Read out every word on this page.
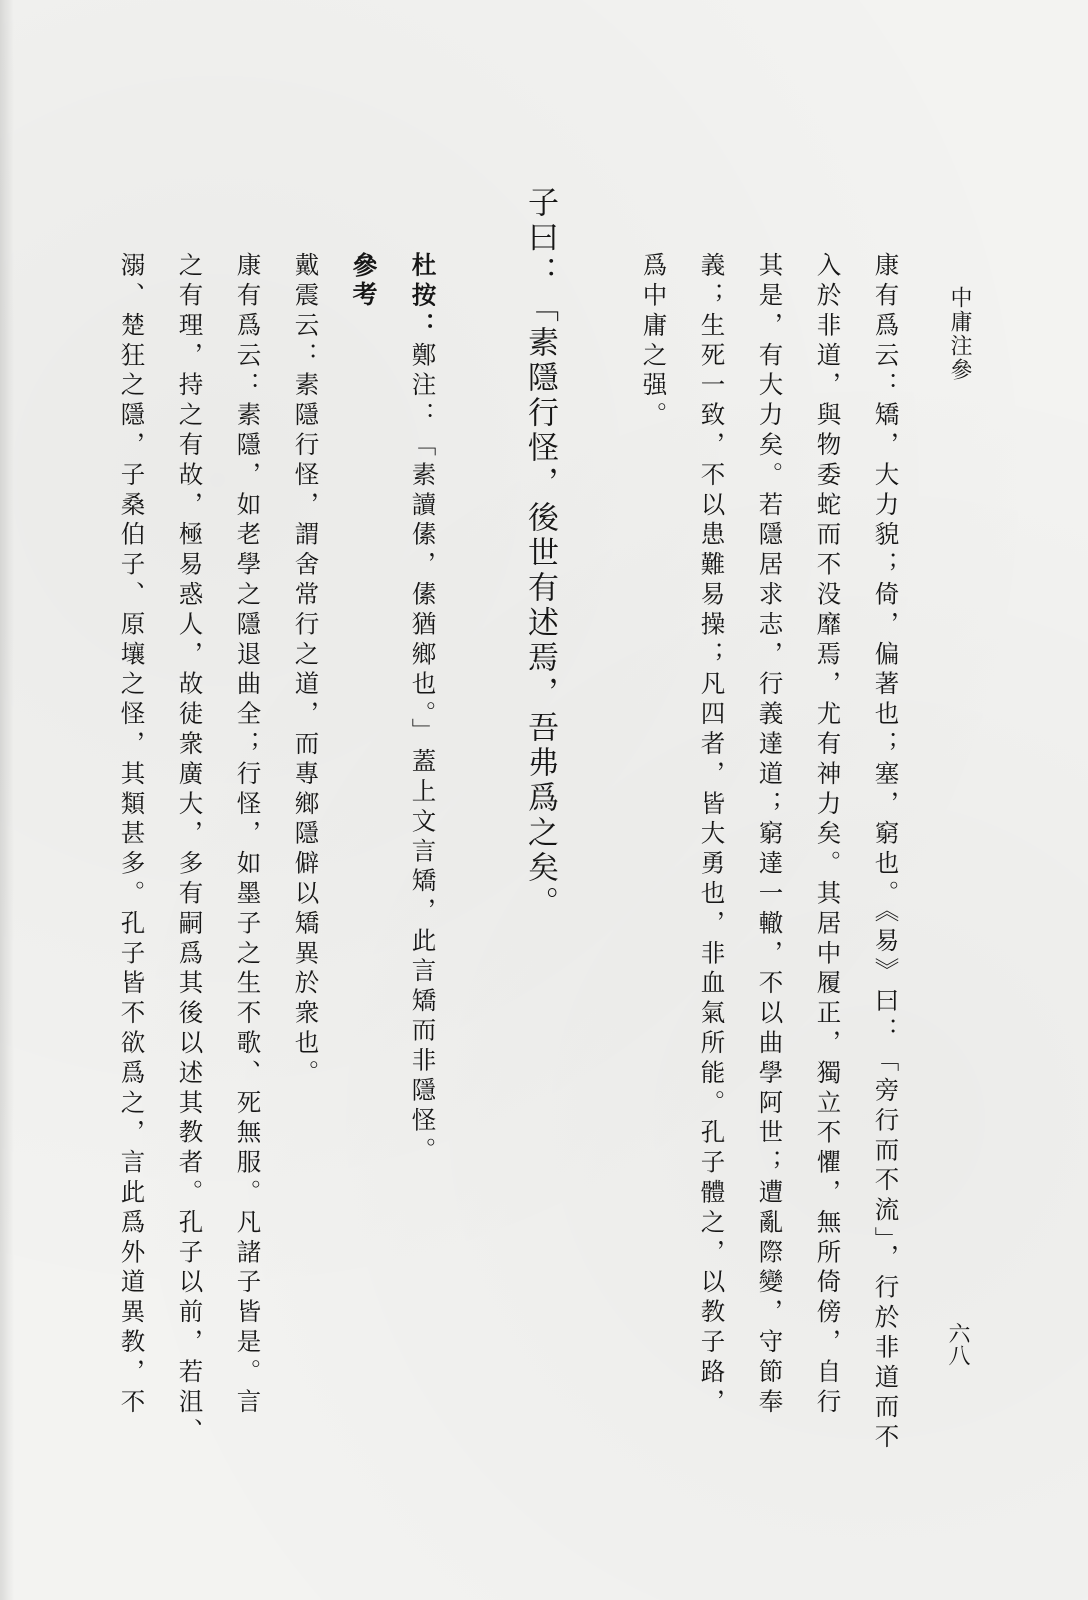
中庸注參
六八

康有爲云：矯，大力貌；倚，偏著也；塞，窮也。《易》曰：「旁行而不流」，行於非道而不

入於非道，與物委蛇而不没靡焉，尤有神力矣。其居中履正，獨立不懼，無所倚傍，自行

其是，有大力矣。若隱居求志，行義達道；窮達一轍，不以曲學阿世；遭亂際變，守節奉

義；生死一致，不以患難易操；凡四者，皆大勇也，非血氣所能。孔子體之，以教子路，

爲中庸之强。

子曰：「素隱行怪，後世有述焉，吾弗爲之矣。

杜按：鄭注：「素讀傃，傃猶鄉也。」蓋上文言矯，此言矯而非隱怪。

參考

戴震云：素隱行怪，謂舍常行之道，而專鄉隱僻以矯異於衆也。

康有爲云：素隱，如老學之隱退曲全；行怪，如墨子之生不歌、死無服。凡諸子皆是。言

之有理，持之有故，極易惑人，故徒衆廣大，多有嗣爲其後以述其教者。孔子以前，若沮、

溺、楚狂之隱，子桑伯子、原壤之怪，其類甚多。孔子皆不欲爲之，言此爲外道異教，不
